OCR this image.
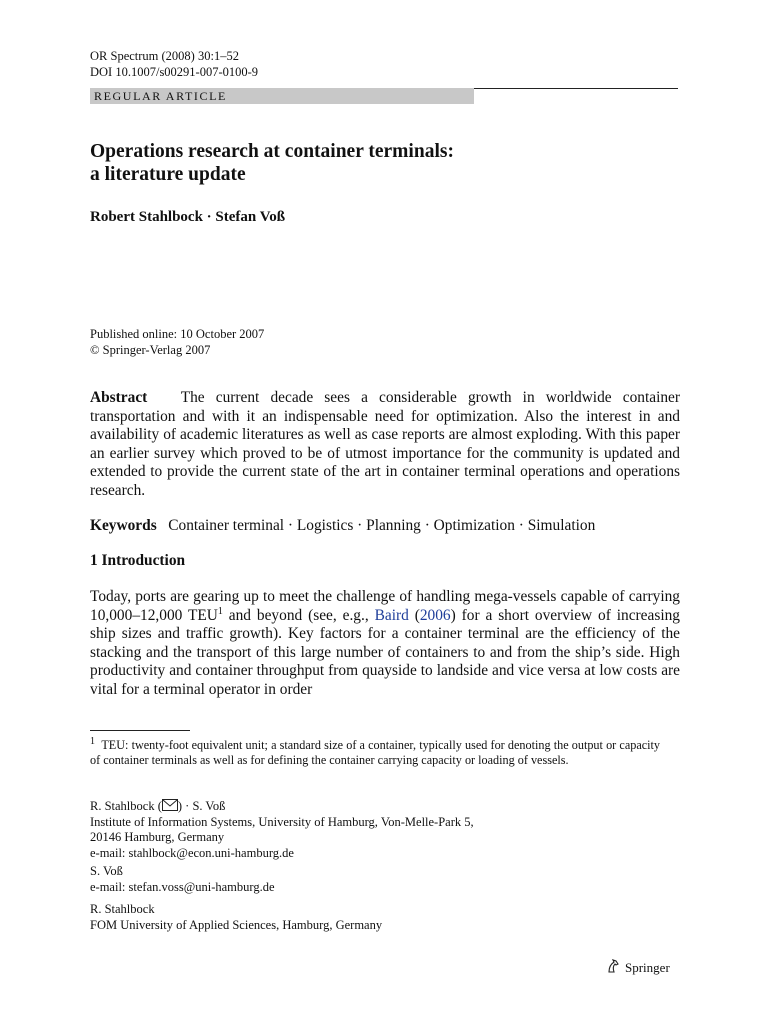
OR Spectrum (2008) 30:1–52
DOI 10.1007/s00291-007-0100-9
REGULAR ARTICLE
Operations research at container terminals:
a literature update
Robert Stahlbock · Stefan Voß
Published online: 10 October 2007
© Springer-Verlag 2007
Abstract The current decade sees a considerable growth in worldwide container transportation and with it an indispensable need for optimization. Also the interest in and availability of academic literatures as well as case reports are almost exploding. With this paper an earlier survey which proved to be of utmost importance for the community is updated and extended to provide the current state of the art in container terminal operations and operations research.
Keywords Container terminal · Logistics · Planning · Optimization · Simulation
1 Introduction
Today, ports are gearing up to meet the challenge of handling mega-vessels capable of carrying 10,000–12,000 TEU$^1$ and beyond (see, e.g., Baird (2006) for a short overview of increasing ship sizes and traffic growth). Key factors for a container terminal are the efficiency of the stacking and the transport of this large number of containers to and from the ship’s side. High productivity and container throughput from quayside to landside and vice versa at low costs are vital for a terminal operator in order
$^1$ TEU: twenty-foot equivalent unit; a standard size of a container, typically used for denoting the output or capacity of container terminals as well as for defining the container carrying capacity or loading of vessels.
R. Stahlbock ( ) · S. Voß
Institute of Information Systems, University of Hamburg, Von-Melle-Park 5,
20146 Hamburg, Germany
e-mail: stahlbock@econ.uni-hamburg.de
S. Voß
e-mail: stefan.voss@uni-hamburg.de
R. Stahlbock
FOM University of Applied Sciences, Hamburg, Germany
Springer
